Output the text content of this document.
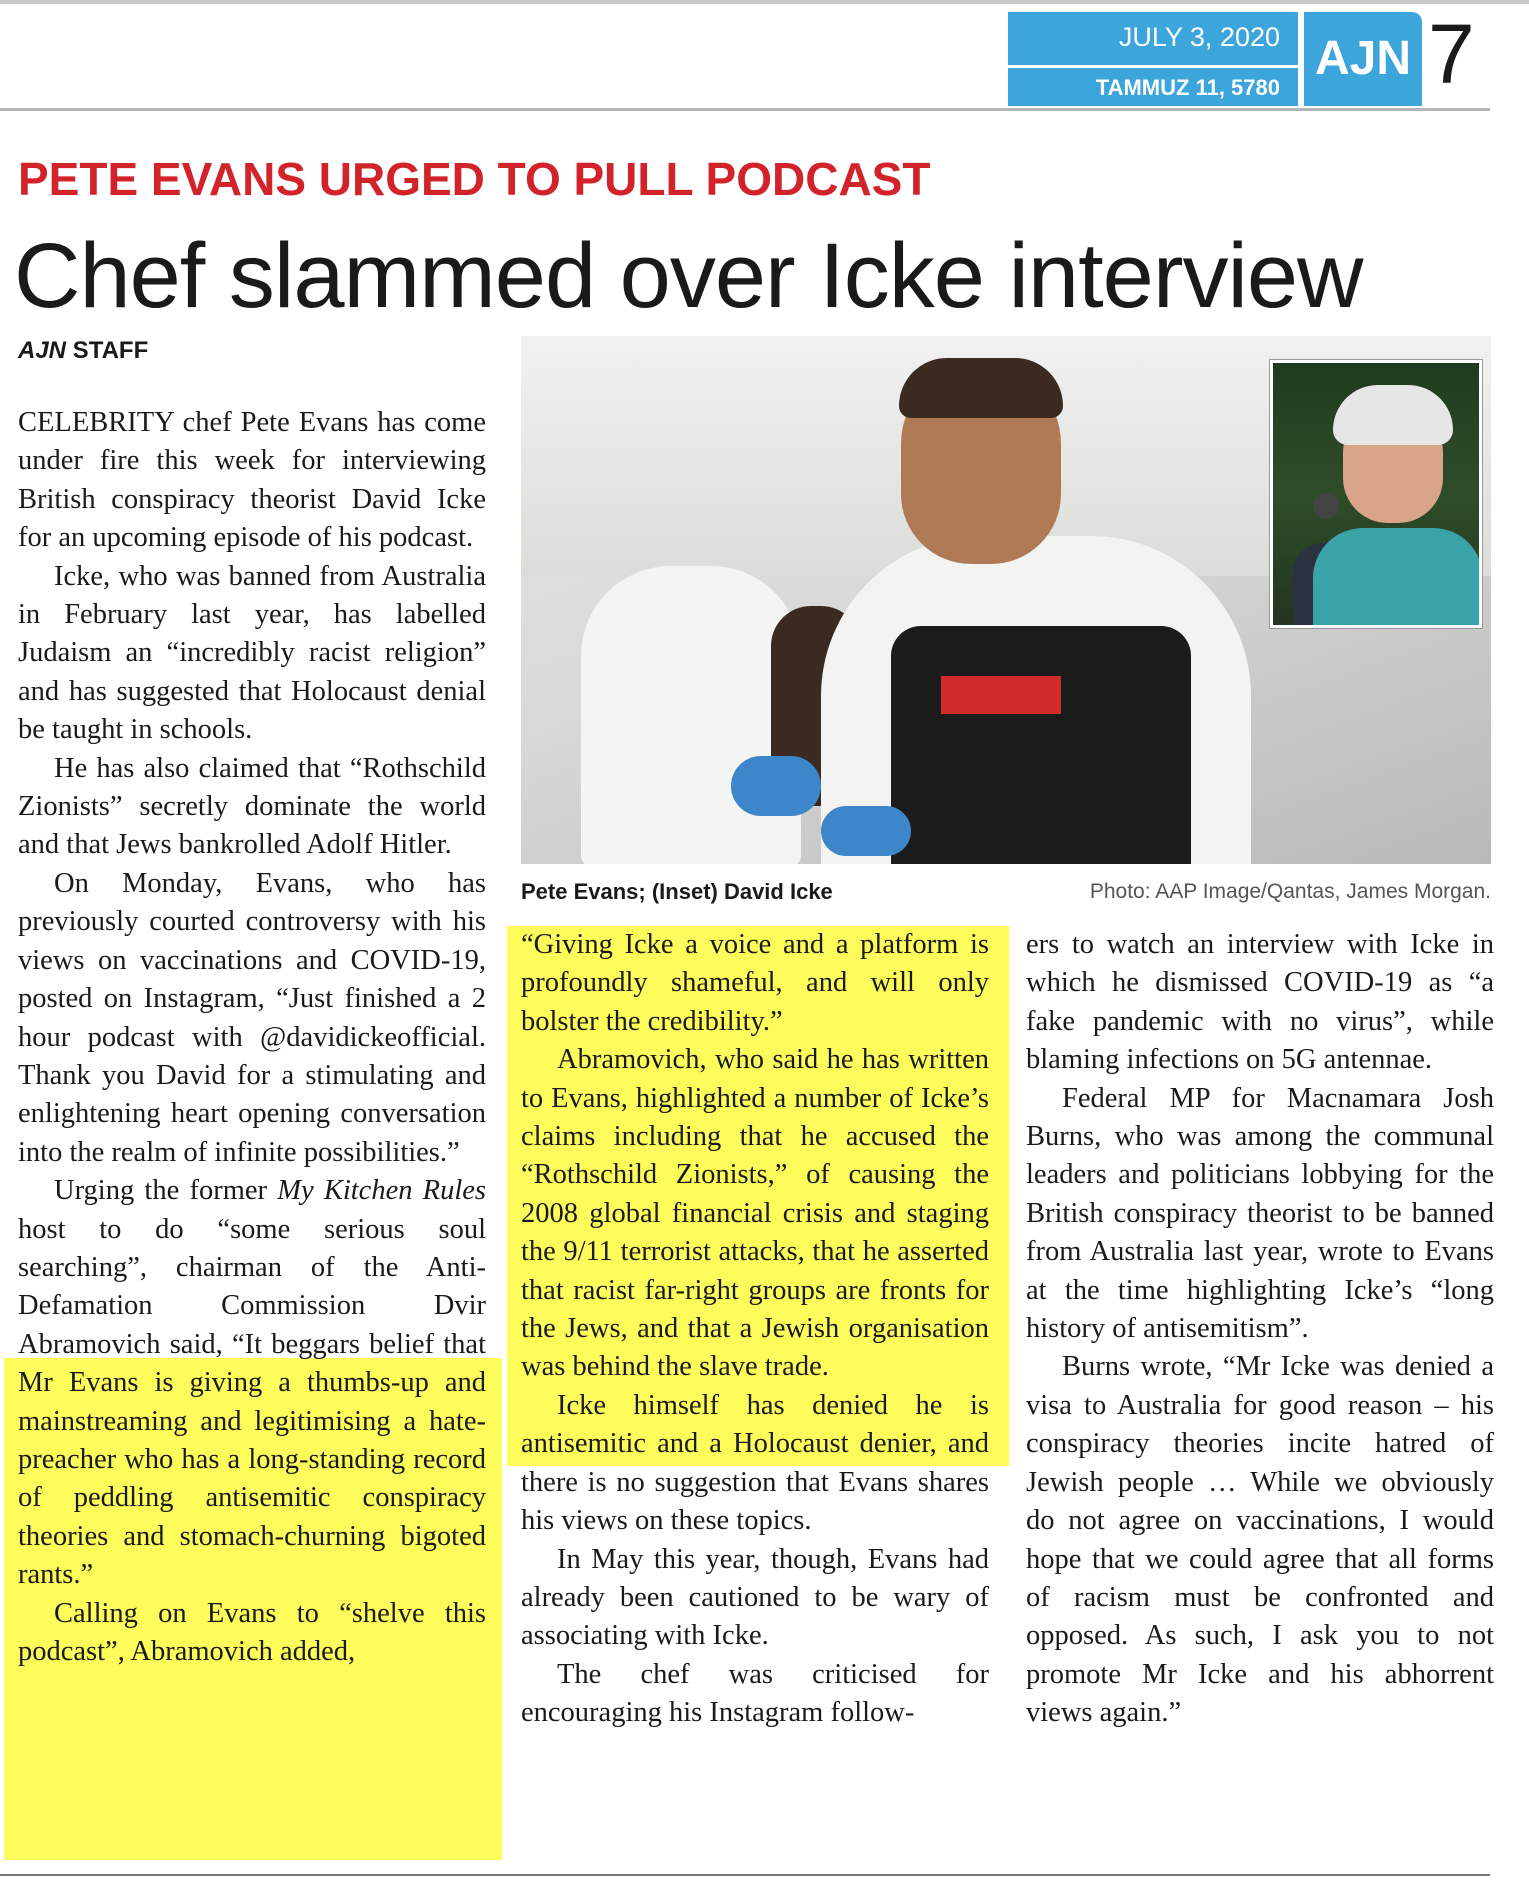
JULY 3, 2020
TAMMUZ 11, 5780
AJN 7
PETE EVANS URGED TO PULL PODCAST
Chef slammed over Icke interview
AJN STAFF

CELEBRITY chef Pete Evans has come under fire this week for interviewing British conspiracy theorist David Icke for an upcoming episode of his podcast.

Icke, who was banned from Australia in February last year, has labelled Judaism an “incredibly racist religion” and has suggested that Holocaust denial be taught in schools.

He has also claimed that “Rothschild Zionists” secretly dominate the world and that Jews bankrolled Adolf Hitler.

On Monday, Evans, who has previously courted controversy with his views on vaccinations and COVID-19, posted on Instagram, “Just finished a 2 hour podcast with @davidickeofficial. Thank you David for a stimulating and enlightening heart opening conversation into the realm of infinite possibilities.”

Urging the former My Kitchen Rules host to do “some serious soul searching”, chairman of the Anti-Defamation Commission Dvir Abramovich said, “It beggars belief that Mr Evans is giving a thumbs-up and mainstreaming and legitimising a hate-preacher who has a long-standing record of peddling antisemitic conspiracy theories and stomach-churning bigoted rants.”

Calling on Evans to “shelve this podcast”, Abramovich added,

Pete Evans; (Inset) David Icke	Photo: AAP Image/Qantas, James Morgan.

“Giving Icke a voice and a platform is profoundly shameful, and will only bolster the credibility.”

Abramovich, who said he has written to Evans, highlighted a number of Icke’s claims including that he accused the “Rothschild Zionists,” of causing the 2008 global financial crisis and staging the 9/11 terrorist attacks, that he asserted that racist far-right groups are fronts for the Jews, and that a Jewish organisation was behind the slave trade.

Icke himself has denied he is antisemitic and a Holocaust denier, and there is no suggestion that Evans shares his views on these topics.

In May this year, though, Evans had already been cautioned to be wary of associating with Icke.

The chef was criticised for encouraging his Instagram follow-

ers to watch an interview with Icke in which he dismissed COVID-19 as “a fake pandemic with no virus”, while blaming infections on 5G antennae.

Federal MP for Macnamara Josh Burns, who was among the communal leaders and politicians lobbying for the British conspiracy theorist to be banned from Australia last year, wrote to Evans at the time highlighting Icke’s “long history of antisemitism”.

Burns wrote, “Mr Icke was denied a visa to Australia for good reason – his conspiracy theories incite hatred of Jewish people … While we obviously do not agree on vaccinations, I would hope that we could agree that all forms of racism must be confronted and opposed. As such, I ask you to not promote Mr Icke and his abhorrent views again.”
